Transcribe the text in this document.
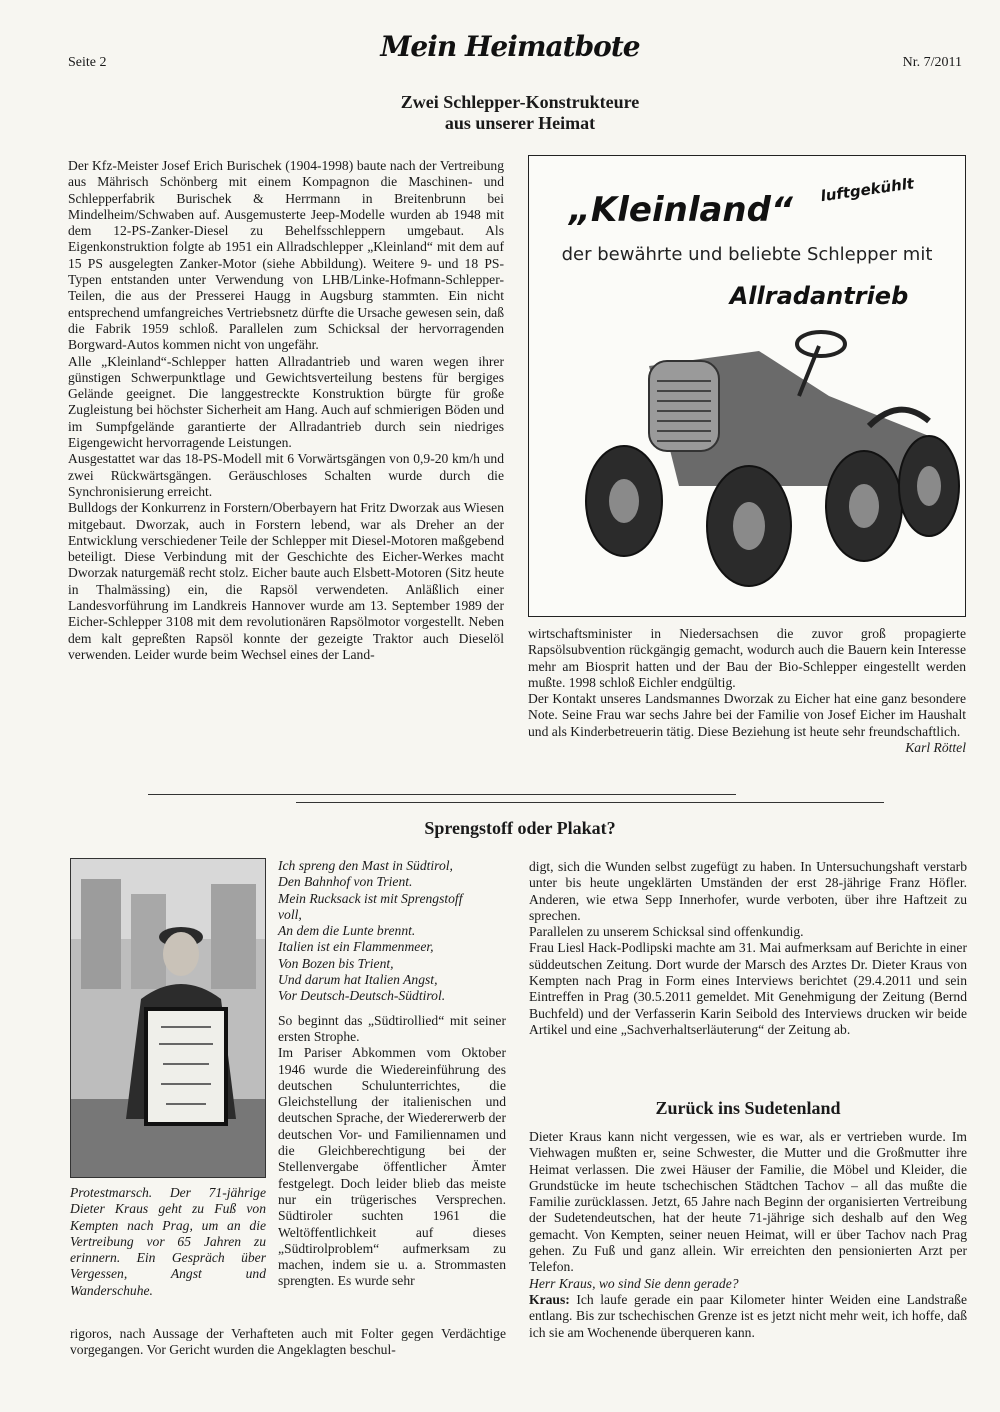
Seite 2	Mein Heimatbote	Nr. 7/2011
Zwei Schlepper-Konstrukteure
aus unserer Heimat

Der Kfz-Meister Josef Erich Burischek (1904-1998) baute nach der Vertreibung aus Mährisch Schönberg mit einem Kompagnon die Maschinen- und Schlepperfabrik Burischek & Herrmann in Breitenbrunn bei Mindelheim/Schwaben auf. Ausgemusterte Jeep-Modelle wurden ab 1948 mit dem 12-PS-Zanker-Diesel zu Behelfsschleppern umgebaut. Als Eigenkonstruktion folgte ab 1951 ein Allradschlepper „Kleinland“ mit dem auf 15 PS ausgelegten Zanker-Motor (siehe Abbildung). Weitere 9- und 18 PS-Typen entstanden unter Verwendung von LHB/Linke-Hofmann-Schlepper-Teilen, die aus der Presserei Haugg in Augsburg stammten. Ein nicht entsprechend umfangreiches Vertriebsnetz dürfte die Ursache gewesen sein, daß die Fabrik 1959 schloß. Parallelen zum Schicksal der hervorragenden Borgward-Autos kommen nicht von ungefähr.

Alle „Kleinland“-Schlepper hatten Allradantrieb und waren wegen ihrer günstigen Schwerpunktlage und Gewichtsverteilung bestens für bergiges Gelände geeignet. Die langgestreckte Konstruktion bürgte für große Zugleistung bei höchster Sicherheit am Hang. Auch auf schmierigen Böden und im Sumpfgelände garantierte der Allradantrieb durch sein niedriges Eigengewicht hervorragende Leistungen.

Ausgestattet war das 18-PS-Modell mit 6 Vorwärtsgängen von 0,9-20 km/h und zwei Rückwärtsgängen. Geräuschloses Schalten wurde durch die Synchronisierung erreicht.

Bulldogs der Konkurrenz in Forstern/Oberbayern hat Fritz Dworzak aus Wiesen mitgebaut. Dworzak, auch in Forstern lebend, war als Dreher an der Entwicklung verschiedener Teile der Schlepper mit Diesel-Motoren maßgebend beteiligt. Diese Verbindung mit der Geschichte des Eicher-Werkes macht Dworzak naturgemäß recht stolz. Eicher baute auch Elsbett-Motoren (Sitz heute in Thalmässing) ein, die Rapsöl verwendeten. Anläßlich einer Landesvorführung im Landkreis Hannover wurde am 13. September 1989 der Eicher-Schlepper 3108 mit dem revolutionären Rapsölmotor vorgestellt. Neben dem kalt gepreßten Rapsöl konnte der gezeigte Traktor auch Dieselöl verwenden. Leider wurde beim Wechsel eines der Land-

„Kleinland“
luftgekühlt
der bewährte und beliebte Schlepper mit
Allradantrieb

wirtschaftsminister in Niedersachsen die zuvor groß propagierte Rapsölsubvention rückgängig gemacht, wodurch auch die Bauern kein Interesse mehr am Biosprit hatten und der Bau der Bio-Schlepper eingestellt werden mußte. 1998 schloß Eichler endgültig.

Der Kontakt unseres Landsmannes Dworzak zu Eicher hat eine ganz besondere Note. Seine Frau war sechs Jahre bei der Familie von Josef Eicher im Haushalt und als Kinderbetreuerin tätig. Diese Beziehung ist heute sehr freundschaftlich.
Karl Röttel

Sprengstoff oder Plakat?
Protestmarsch. Der 71-jährige Dieter Kraus geht zu Fuß von Kempten nach Prag, um an die Vertreibung vor 65 Jahren zu erinnern. Ein Gespräch über Vergessen, Angst und Wanderschuhe.

Ich spreng den Mast in Südtirol,
Den Bahnhof von Trient.
Mein Rucksack ist mit Sprengstoff
voll,
An dem die Lunte brennt.
Italien ist ein Flammenmeer,
Von Bozen bis Trient,
Und darum hat Italien Angst,
Vor Deutsch-Deutsch-Südtirol.

So beginnt das „Südtirollied“ mit seiner ersten Strophe.

Im Pariser Abkommen vom Oktober 1946 wurde die Wiedereinführung des deutschen Schulunterrichtes, die Gleichstellung der italienischen und deutschen Sprache, der Wiedererwerb der deutschen Vor- und Familiennamen und die Gleichberechtigung bei der Stellenvergabe öffentlicher Ämter festgelegt. Doch leider blieb das meiste nur ein trügerisches Versprechen. Südtiroler suchten 1961 die Weltöffentlichkeit auf dieses „Südtirolproblem“ aufmerksam zu machen, indem sie u. a. Strommasten sprengten. Es wurde sehr

rigoros, nach Aussage der Verhafteten auch mit Folter gegen Verdächtige vorgegangen. Vor Gericht wurden die Angeklagten beschul-

digt, sich die Wunden selbst zugefügt zu haben. In Untersuchungshaft verstarb unter bis heute ungeklärten Umständen der erst 28-jährige Franz Höfler. Anderen, wie etwa Sepp Innerhofer, wurde verboten, über ihre Haftzeit zu sprechen.

Parallelen zu unserem Schicksal sind offenkundig.

Frau Liesl Hack-Podlipski machte am 31. Mai aufmerksam auf Berichte in einer süddeutschen Zeitung. Dort wurde der Marsch des Arztes Dr. Dieter Kraus von Kempten nach Prag in Form eines Interviews berichtet (29.4.2011 und sein Eintreffen in Prag (30.5.2011 gemeldet. Mit Genehmigung der Zeitung (Bernd Buchfeld) und der Verfasserin Karin Seibold des Interviews drucken wir beide Artikel und eine „Sachverhaltserläuterung“ der Zeitung ab.

Zurück ins Sudetenland

Dieter Kraus kann nicht vergessen, wie es war, als er vertrieben wurde. Im Viehwagen mußten er, seine Schwester, die Mutter und die Großmutter ihre Heimat verlassen. Die zwei Häuser der Familie, die Möbel und Kleider, die Grundstücke im heute tschechischen Städtchen Tachov – all das mußte die Familie zurücklassen. Jetzt, 65 Jahre nach Beginn der organisierten Vertreibung der Sudetendeutschen, hat der heute 71-jährige sich deshalb auf den Weg gemacht. Von Kempten, seiner neuen Heimat, will er über Tachov nach Prag gehen. Zu Fuß und ganz allein. Wir erreichten den pensionierten Arzt per Telefon.

Herr Kraus, wo sind Sie denn gerade?

Kraus: Ich laufe gerade ein paar Kilometer hinter Weiden eine Landstraße entlang. Bis zur tschechischen Grenze ist es jetzt nicht mehr weit, ich hoffe, daß ich sie am Wochenende überqueren kann.
